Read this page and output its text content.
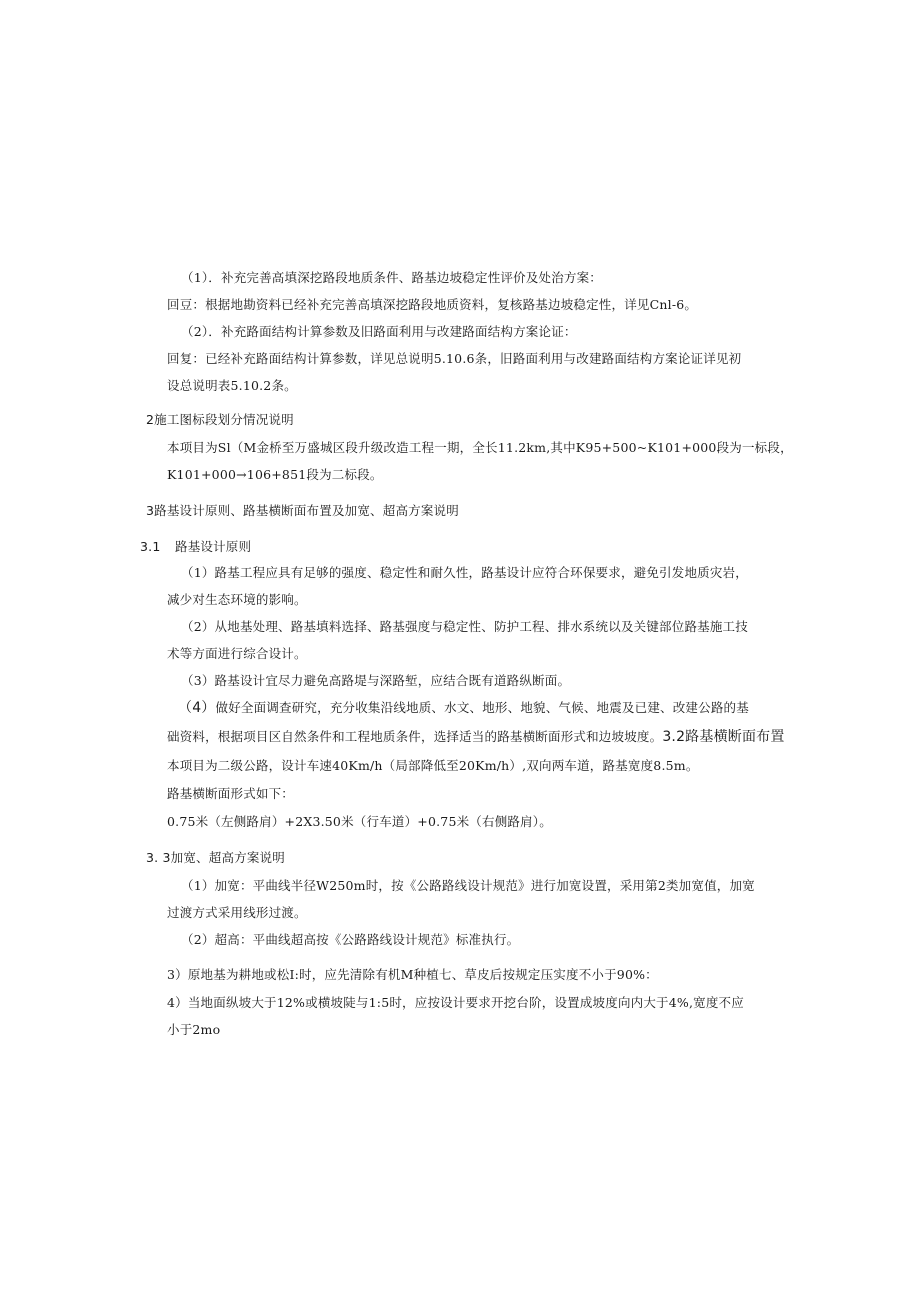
（1）．补充完善高填深挖路段地质条件、路基边坡稳定性评价及处治方案：
回豆：根据地勘资料已经补充完善高填深挖路段地质资料，复核路基边坡稳定性，详见Cnl-6。
（2）．补充路面结构计算参数及旧路面利用与改建路面结构方案论证：
回复：已经补充路面结构计算参数，详见总说明5.10.6条，旧路面利用与改建路面结构方案论证详见初
设总说明表5.10.2条。
2施工图标段划分情况说明
本项目为Sl（M金桥至万盛城区段升级改造工程一期，全长11.2km,其中K95+500~K101+000段为一标段，
K101+000→106+851段为二标段。
3路基设计原则、路基横断面布置及加宽、超高方案说明
3.1 路基设计原则
（1）路基工程应具有足够的强度、稳定性和耐久性，路基设计应符合环保要求，避免引发地质灾岩，
减少对生态环境的影响。
（2）从地基处理、路基填料选择、路基强度与稳定性、防护工程、排水系统以及关键部位路基施工技
术等方面进行综合设计。
（3）路基设计宜尽力避免高路堤与深路堑，应结合既有道路纵断面。
（4）做好全面调查研究，充分收集沿线地质、水文、地形、地貌、气候、地震及已建、改建公路的基
础资料，根据项目区自然条件和工程地质条件，选择适当的路基横断面形式和边坡坡度。3.2路基横断面布置
本项目为二级公路，设计车速40Km/h（局部降低至20Km/h）,双向两车道，路基宽度8.5m。
路基横断面形式如下：
0.75米（左侧路肩）+2X3.50米（行车道）+0.75米（右侧路肩）。
3. 3加宽、超高方案说明
（1）加宽：平曲线半径W250m时，按《公路路线设计规范》进行加宽设置，采用第2类加宽值，加宽
过渡方式采用线形过渡。
（2）超高：平曲线超高按《公路路线设计规范》标准执行。
3）原地基为耕地或松I:时，应先清除有机M种植七、草皮后按规定压实度不小于90%：
4）当地面纵坡大于12%或横坡陡与1:5时，应按设计要求开挖台阶，设置成坡度向内大于4%,宽度不应
小于2mo
